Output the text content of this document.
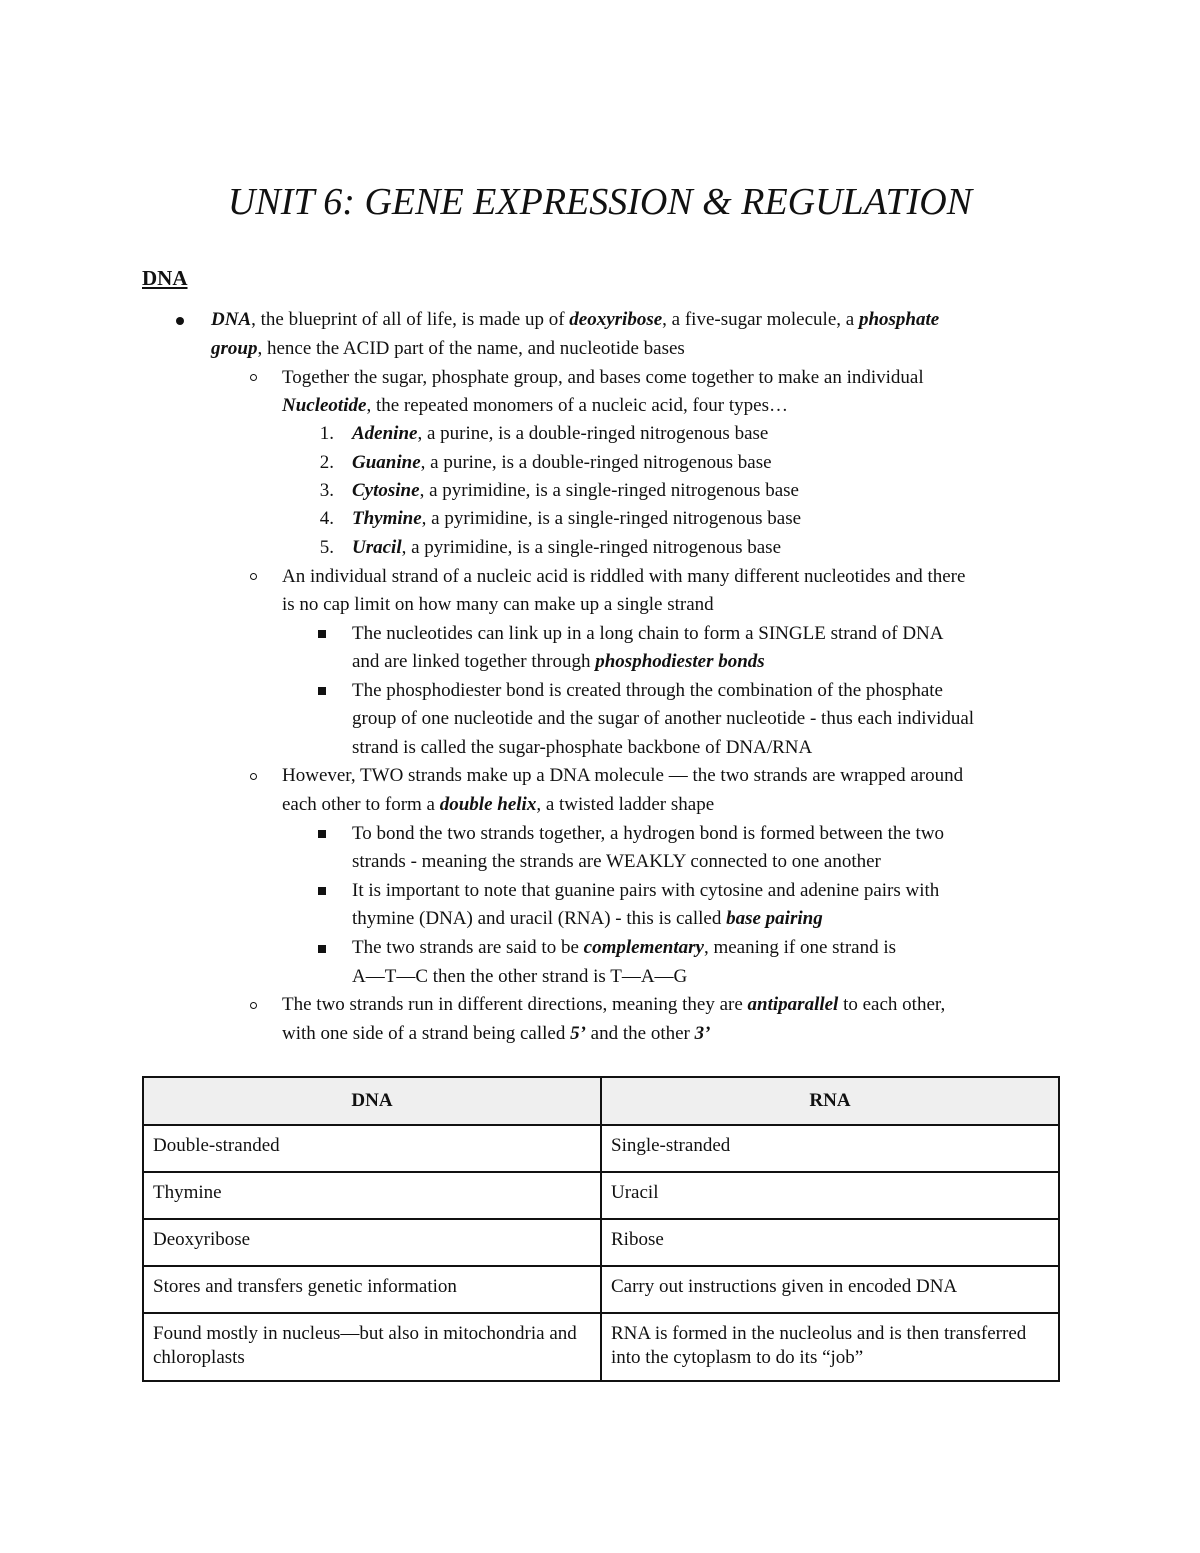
UNIT 6: GENE EXPRESSION & REGULATION
DNA
DNA, the blueprint of all of life, is made up of deoxyribose, a five-sugar molecule, a phosphate
group, hence the ACID part of the name, and nucleotide bases
Together the sugar, phosphate group, and bases come together to make an individual
Nucleotide, the repeated monomers of a nucleic acid, four types…
1. Adenine, a purine, is a double-ringed nitrogenous base
2. Guanine, a purine, is a double-ringed nitrogenous base
3. Cytosine, a pyrimidine, is a single-ringed nitrogenous base
4. Thymine, a pyrimidine, is a single-ringed nitrogenous base
5. Uracil, a pyrimidine, is a single-ringed nitrogenous base
An individual strand of a nucleic acid is riddled with many different nucleotides and there
is no cap limit on how many can make up a single strand
The nucleotides can link up in a long chain to form a SINGLE strand of DNA
and are linked together through phosphodiester bonds
The phosphodiester bond is created through the combination of the phosphate
group of one nucleotide and the sugar of another nucleotide - thus each individual
strand is called the sugar-phosphate backbone of DNA/RNA
However, TWO strands make up a DNA molecule — the two strands are wrapped around
each other to form a double helix, a twisted ladder shape
To bond the two strands together, a hydrogen bond is formed between the two
strands - meaning the strands are WEAKLY connected to one another
It is important to note that guanine pairs with cytosine and adenine pairs with
thymine (DNA) and uracil (RNA) - this is called base pairing
The two strands are said to be complementary, meaning if one strand is
A—T—C then the other strand is T—A—G
The two strands run in different directions, meaning they are antiparallel to each other,
with one side of a strand being called 5’ and the other 3’
DNA	RNA
Double-stranded	Single-stranded
Thymine	Uracil
Deoxyribose	Ribose
Stores and transfers genetic information	Carry out instructions given in encoded DNA
Found mostly in nucleus—but also in mitochondria and chloroplasts	RNA is formed in the nucleolus and is then transferred into the cytoplasm to do its “job”
